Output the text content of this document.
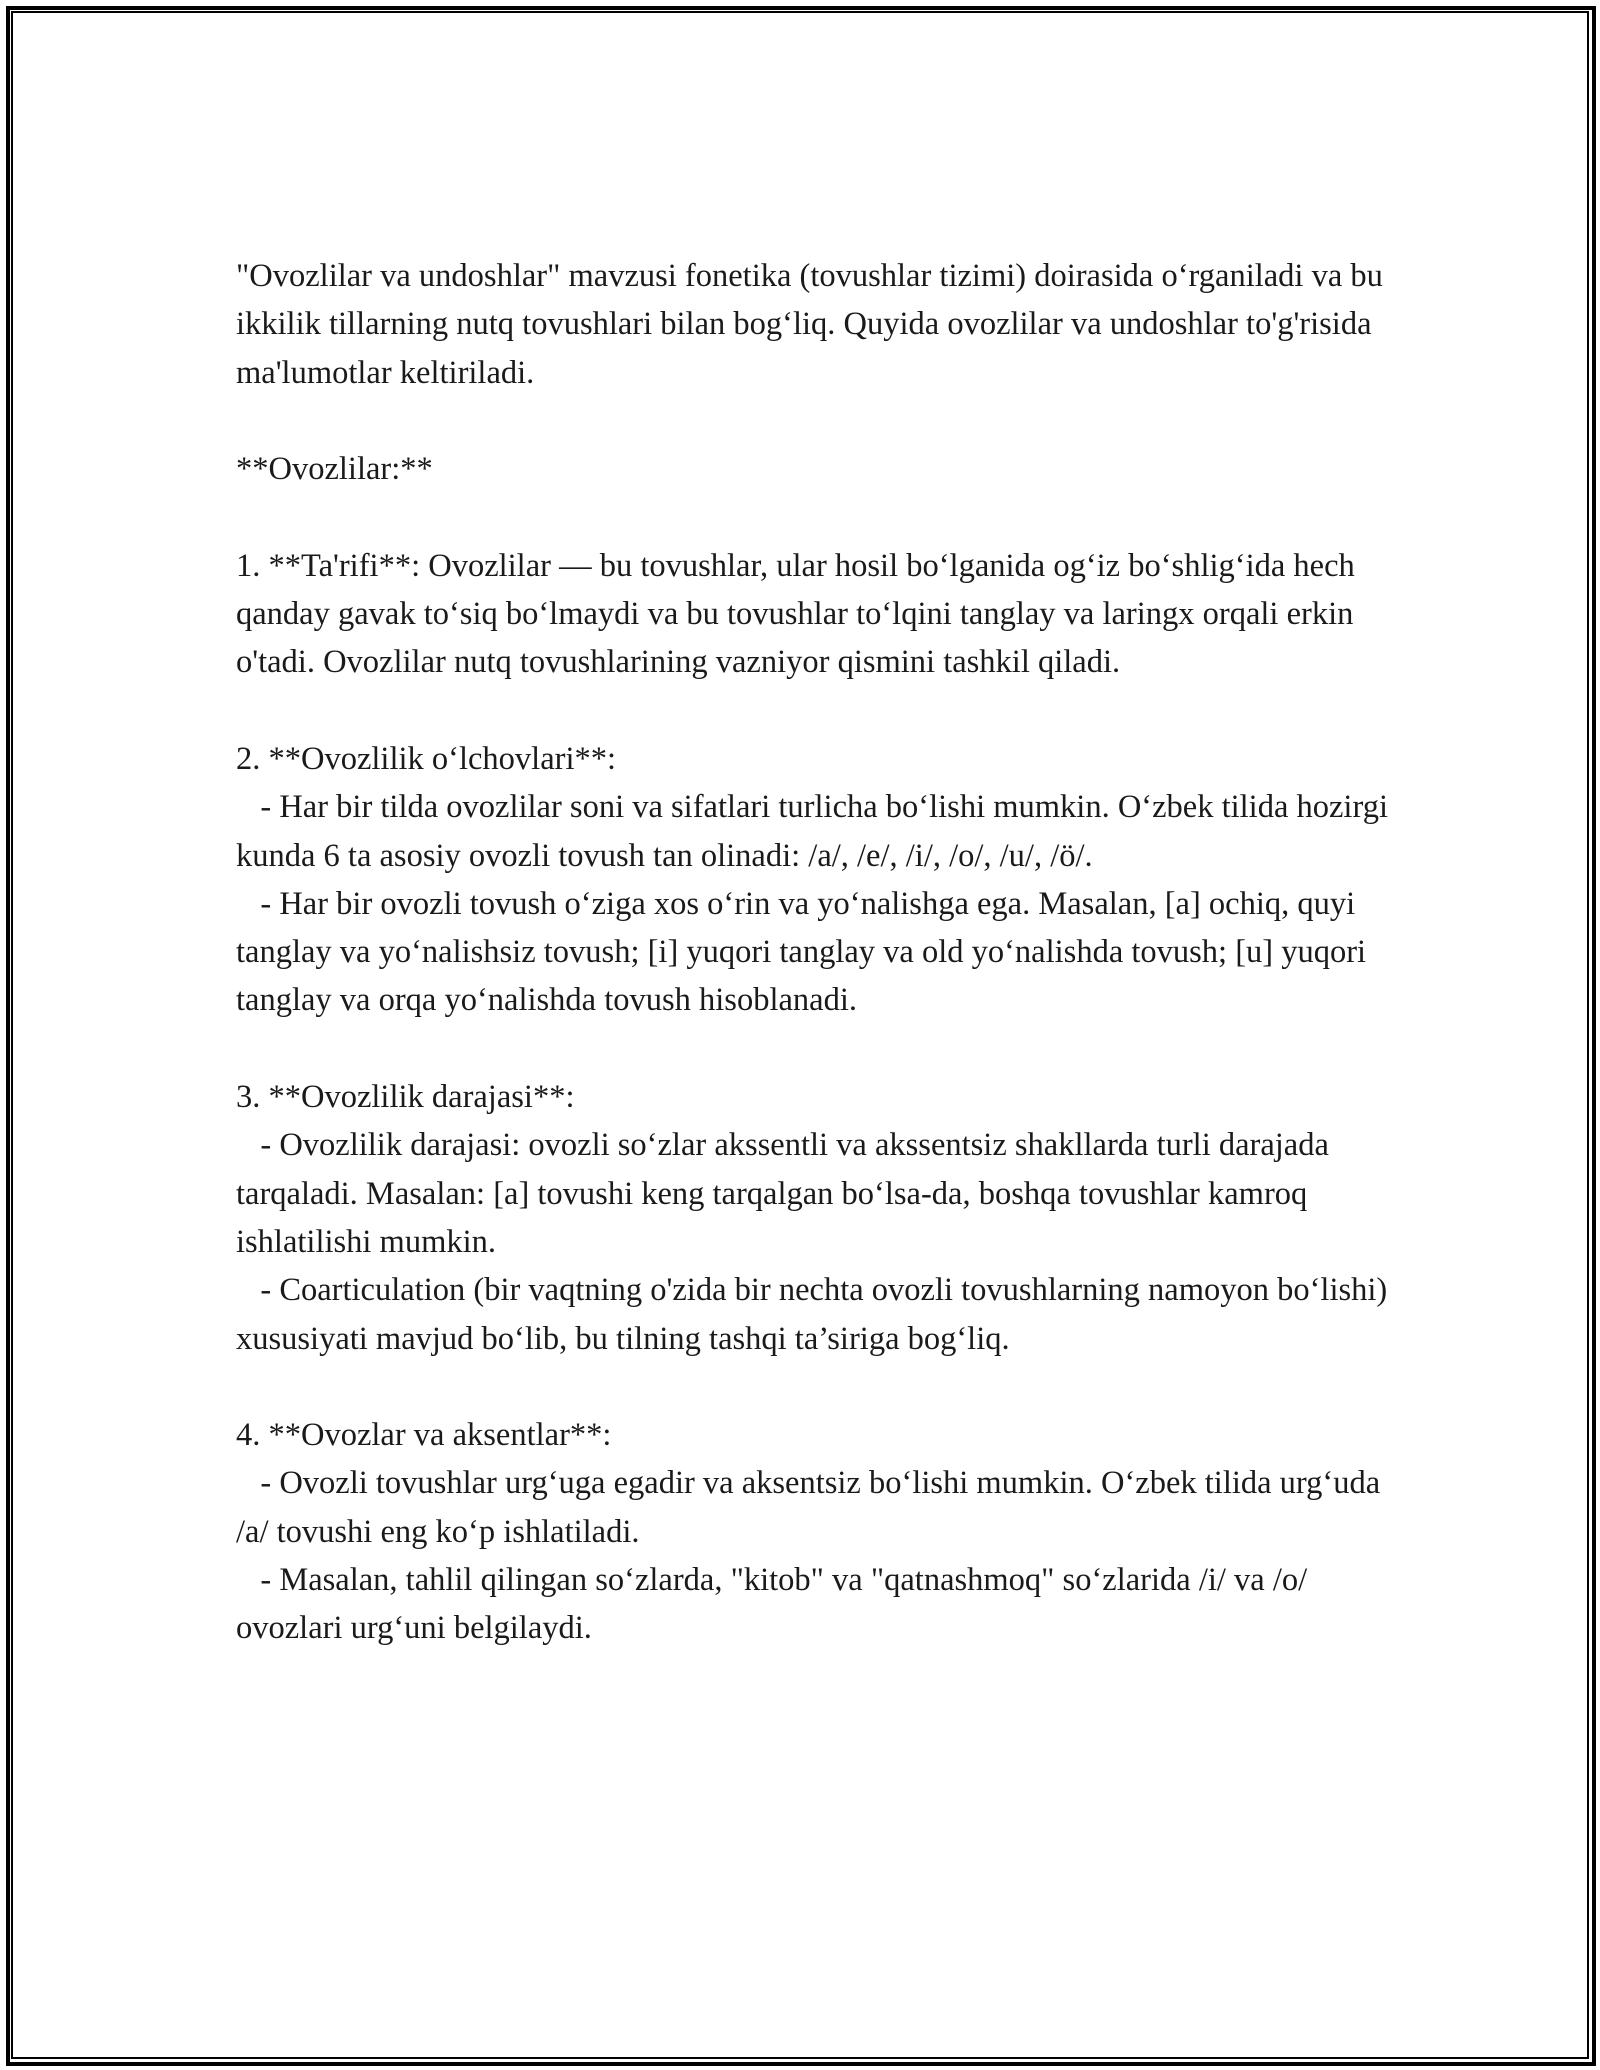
"Ovozlilar va undoshlar" mavzusi fonetika (tovushlar tizimi) doirasida o‘rganiladi va bu ikkilik tillarning nutq tovushlari bilan bog‘liq. Quyida ovozlilar va undoshlar to'g'risida ma'lumotlar keltiriladi.

**Ovozlilar:**

1. **Ta'rifi**: Ovozlilar — bu tovushlar, ular hosil bo‘lganida og‘iz bo‘shlig‘ida hech qanday gavak to‘siq bo‘lmaydi va bu tovushlar to‘lqini tanglay va laringx orqali erkin o'tadi. Ovozlilar nutq tovushlarining vazniyor qismini tashkil qiladi.

2. **Ovozlilik o‘lchovlari**:

- Har bir tilda ovozlilar soni va sifatlari turlicha bo‘lishi mumkin. O‘zbek tilida hozirgi kunda 6 ta asosiy ovozli tovush tan olinadi: /a/, /e/, /i/, /o/, /u/, /ö/.

- Har bir ovozli tovush o‘ziga xos o‘rin va yo‘nalishga ega. Masalan, [a] ochiq, quyi tanglay va yo‘nalishsiz tovush; [i] yuqori tanglay va old yo‘nalishda tovush; [u] yuqori tanglay va orqa yo‘nalishda tovush hisoblanadi.

3. **Ovozlilik darajasi**:

- Ovozlilik darajasi: ovozli so‘zlar akssentli va akssentsiz shakllarda turli darajada tarqaladi. Masalan: [a] tovushi keng tarqalgan bo‘lsa-da, boshqa tovushlar kamroq ishlatilishi mumkin.

- Coarticulation (bir vaqtning o'zida bir nechta ovozli tovushlarning namoyon bo‘lishi) xususiyati mavjud bo‘lib, bu tilning tashqi ta’siriga bog‘liq.

4. **Ovozlar va aksentlar**:

- Ovozli tovushlar urg‘uga egadir va aksentsiz bo‘lishi mumkin. O‘zbek tilida urg‘uda /a/ tovushi eng ko‘p ishlatiladi.

- Masalan, tahlil qilingan so‘zlarda, "kitob" va "qatnashmoq" so‘zlarida /i/ va /o/ ovozlari urg‘uni belgilaydi.
